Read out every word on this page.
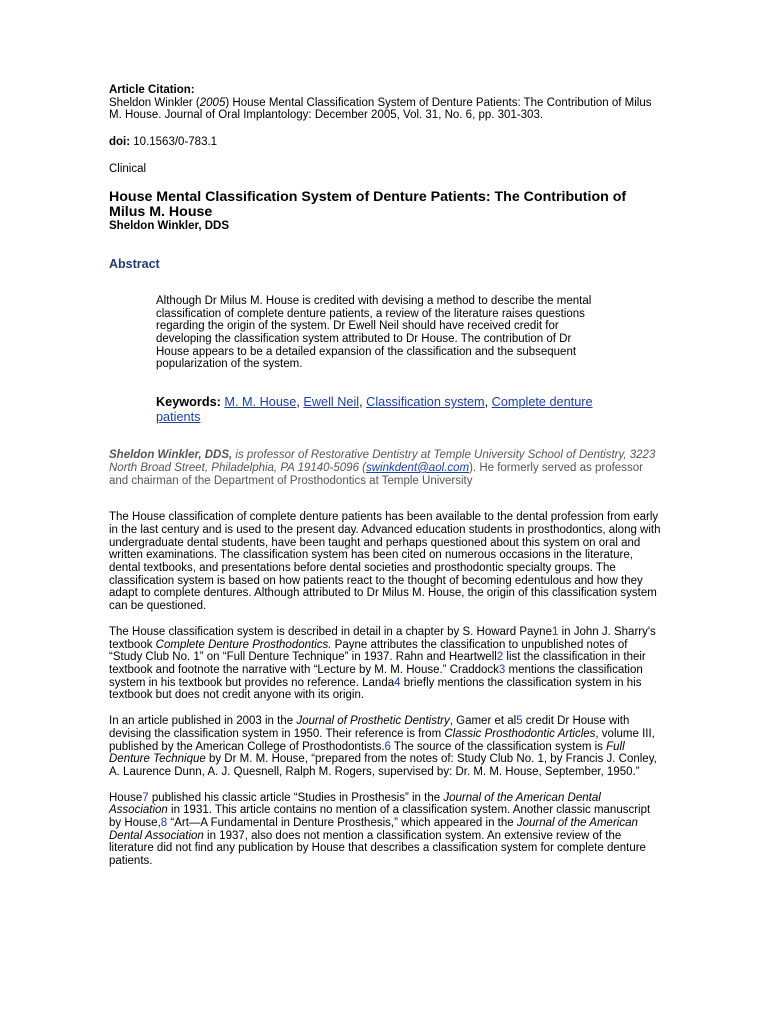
Article Citation:

Sheldon Winkler (2005) House Mental Classification System of Denture Patients: The Contribution of Milus M. House. Journal of Oral Implantology: December 2005, Vol. 31, No. 6, pp. 301-303.

doi: 10.1563/0-783.1

Clinical

House Mental Classification System of Denture Patients: The Contribution of Milus M. House

Sheldon Winkler, DDS

Abstract

Although Dr Milus M. House is credited with devising a method to describe the mental classification of complete denture patients, a review of the literature raises questions regarding the origin of the system. Dr Ewell Neil should have received credit for developing the classification system attributed to Dr House. The contribution of Dr House appears to be a detailed expansion of the classification and the subsequent popularization of the system.

Keywords: M. M. House, Ewell Neil, Classification system, Complete denture patients

Sheldon Winkler, DDS, is professor of Restorative Dentistry at Temple University School of Dentistry, 3223 North Broad Street, Philadelphia, PA 19140-5096 (swinkdent@aol.com). He formerly served as professor and chairman of the Department of Prosthodontics at Temple University

The House classification of complete denture patients has been available to the dental profession from early in the last century and is used to the present day. Advanced education students in prosthodontics, along with undergraduate dental students, have been taught and perhaps questioned about this system on oral and written examinations. The classification system has been cited on numerous occasions in the literature, dental textbooks, and presentations before dental societies and prosthodontic specialty groups. The classification system is based on how patients react to the thought of becoming edentulous and how they adapt to complete dentures. Although attributed to Dr Milus M. House, the origin of this classification system can be questioned.

The House classification system is described in detail in a chapter by S. Howard Payne1 in John J. Sharry's textbook Complete Denture Prosthodontics. Payne attributes the classification to unpublished notes of “Study Club No. 1” on “Full Denture Technique” in 1937. Rahn and Heartwell2 list the classification in their textbook and footnote the narrative with “Lecture by M. M. House.” Craddock3 mentions the classification system in his textbook but provides no reference. Landa4 briefly mentions the classification system in his textbook but does not credit anyone with its origin.

In an article published in 2003 in the Journal of Prosthetic Dentistry, Gamer et al5 credit Dr House with devising the classification system in 1950. Their reference is from Classic Prosthodontic Articles, volume III, published by the American College of Prosthodontists.6 The source of the classification system is Full Denture Technique by Dr M. M. House, “prepared from the notes of: Study Club No. 1, by Francis J. Conley, A. Laurence Dunn, A. J. Quesnell, Ralph M. Rogers, supervised by: Dr. M. M. House, September, 1950.”

House7 published his classic article “Studies in Prosthesis” in the Journal of the American Dental Association in 1931. This article contains no mention of a classification system. Another classic manuscript by House,8 “Art—A Fundamental in Denture Prosthesis,” which appeared in the Journal of the American Dental Association in 1937, also does not mention a classification system. An extensive review of the literature did not find any publication by House that describes a classification system for complete denture patients.
